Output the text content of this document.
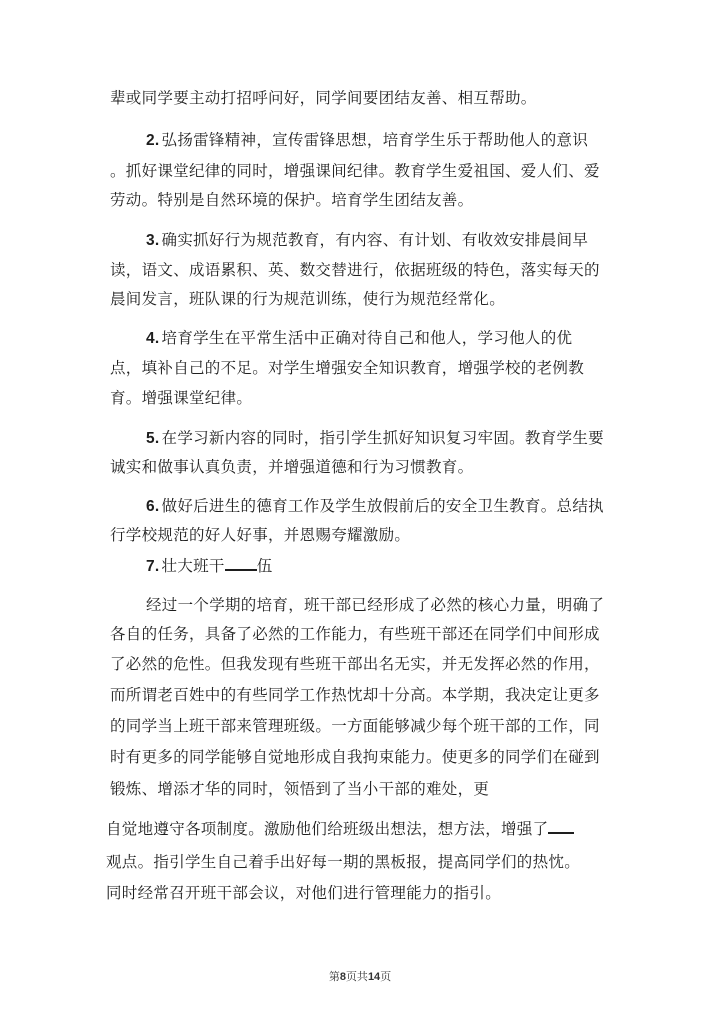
辈或同学要主动打招呼问好，同学间要团结友善、相互帮助。
2. 弘扬雷锋精神，宣传雷锋思想，培育学生乐于帮助他人的意识
。抓好课堂纪律的同时，增强课间纪律。教育学生爱祖国、爱人们、爱
劳动。特别是自然环境的保护。培育学生团结友善。
3. 确实抓好行为规范教育，有内容、有计划、有收效安排晨间早
读，语文、成语累积、英、数交替进行，依据班级的特色，落实每天的
晨间发言，班队课的行为规范训练，使行为规范经常化。
4. 培育学生在平常生活中正确对待自己和他人，学习他人的优
点，填补自己的不足。对学生增强安全知识教育，增强学校的老例教
育。增强课堂纪律。
5. 在学习新内容的同时，指引学生抓好知识复习牢固。教育学生要
诚实和做事认真负责，并增强道德和行为习惯教育。
6. 做好后进生的德育工作及学生放假前后的安全卫生教育。总结执
行学校规范的好人好事，并恩赐夸耀激励。
7. 壮大班干 伍
经过一个学期的培育，班干部已经形成了必然的核心力量，明确了
各自的任务，具备了必然的工作能力，有些班干部还在同学们中间形成
了必然的危性。但我发现有些班干部出名无实，并无发挥必然的作用，
而所谓老百姓中的有些同学工作热忱却十分高。本学期，我决定让更多
的同学当上班干部来管理班级。一方面能够减少每个班干部的工作，同
时有更多的同学能够自觉地形成自我拘束能力。使更多的同学们在碰到
锻炼、增添才华的同时，领悟到了当小干部的难处，更
自觉地遵守各项制度。激励他们给班级出想法，想方法，增强了
观点。指引学生自己着手出好每一期的黑板报，提高同学们的热忱。
同时经常召开班干部会议，对他们进行管理能力的指引。
第8页共14页
